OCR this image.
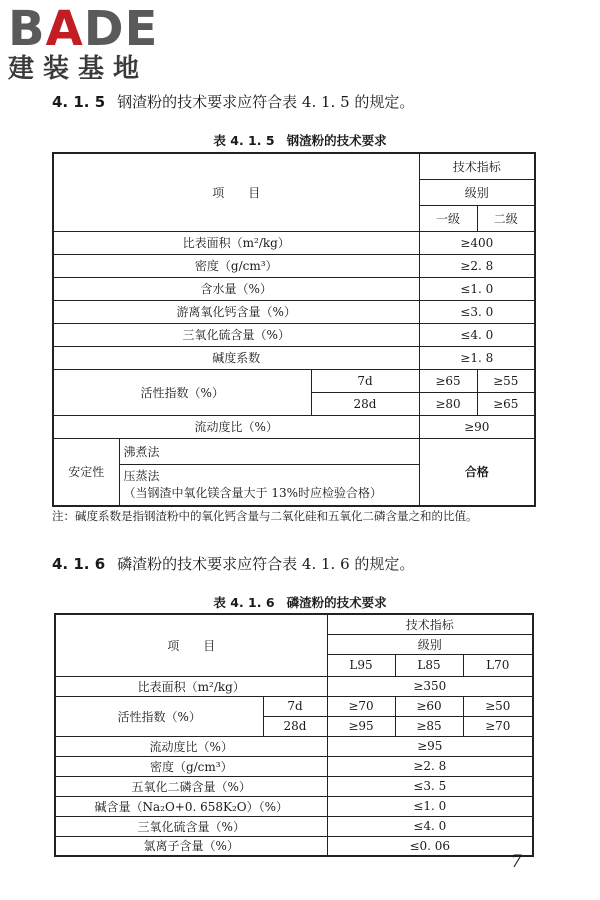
BADE
建装基地
4. 1. 5 钢渣粉的技术要求应符合表 4. 1. 5 的规定。
表 4. 1. 5 钢渣粉的技术要求
项　　目			技术指标	
			级别	
			一级	二级
比表面积（m²/kg）			≥400	
密度（g/cm³）			≥2. 8	
含水量（%）			≤1. 0	
游离氧化钙含量（%）			≤3. 0	
三氧化硫含量（%）			≤4. 0	
碱度系数			≥1. 8	
活性指数（%）		7d	≥65	≥55
		28d	≥80	≥65
流动度比（%）			≥90	
安定性	沸煮法		合格	

	压蒸法
（当钢渣中氧化镁含量大于 13%时应检验合格）			
注：碱度系数是指钢渣粉中的氧化钙含量与二氧化硅和五氧化二磷含量之和的比值。
4. 1. 6 磷渣粉的技术要求应符合表 4. 1. 6 的规定。
表 4. 1. 6 磷渣粉的技术要求
项　　目		技术指标		
		级别		
		L95	L85	L70
比表面积（m²/kg）		≥350		
活性指数（%）	7d	≥70	≥60	≥50
	28d	≥95	≥85	≥70
流动度比（%）		≥95		
密度（g/cm³）		≥2. 8		
五氧化二磷含量（%）		≤3. 5		
碱含量（Na₂O+0. 658K₂O）（%）		≤1. 0		
三氧化硫含量（%）		≤4. 0		
氯离子含量（%）		≤0. 06		
7
